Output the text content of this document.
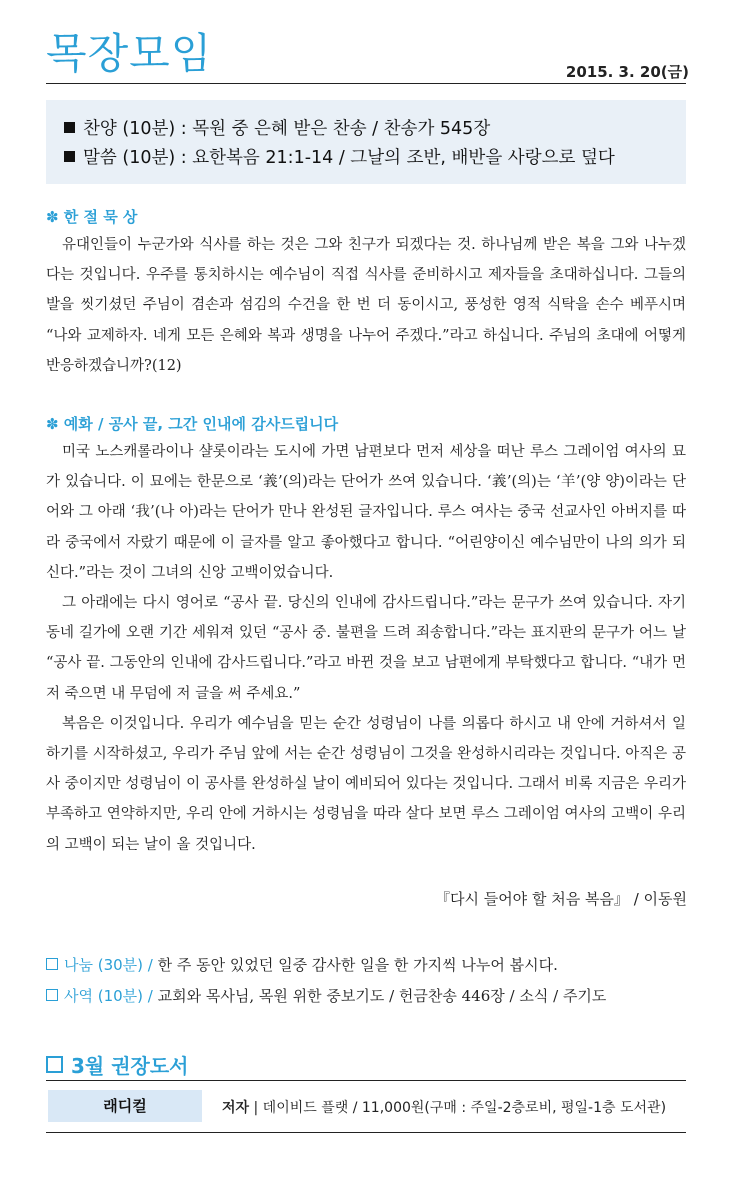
목장모임	2015. 3. 20(금)
찬양 (10분) : 목원 중 은혜 받은 찬송 / 찬송가 545장
말씀 (10분) : 요한복음 21:1-14 / 그날의 조반, 배반을 사랑으로 덮다
✽ 한 절 묵 상

유대인들이 누군가와 식사를 하는 것은 그와 친구가 되겠다는 것. 하나님께 받은 복을 그와 나누겠다는 것입니다. 우주를 통치하시는 예수님이 직접 식사를 준비하시고 제자들을 초대하십니다. 그들의 발을 씻기셨던 주님이 겸손과 섬김의 수건을 한 번 더 동이시고, 풍성한 영적 식탁을 손수 베푸시며 “나와 교제하자. 네게 모든 은혜와 복과 생명을 나누어 주겠다.”라고 하십니다. 주님의 초대에 어떻게 반응하겠습니까?(12)

✽ 예화 / 공사 끝, 그간 인내에 감사드립니다

미국 노스캐롤라이나 샬롯이라는 도시에 가면 남편보다 먼저 세상을 떠난 루스 그레이엄 여사의 묘가 있습니다. 이 묘에는 한문으로 ‘義’(의)라는 단어가 쓰여 있습니다. ‘義’(의)는 ‘羊’(양 양)이라는 단어와 그 아래 ‘我’(나 아)라는 단어가 만나 완성된 글자입니다. 루스 여사는 중국 선교사인 아버지를 따라 중국에서 자랐기 때문에 이 글자를 알고 좋아했다고 합니다. “어린양이신 예수님만이 나의 의가 되신다.”라는 것이 그녀의 신앙 고백이었습니다.

그 아래에는 다시 영어로 “공사 끝. 당신의 인내에 감사드립니다.”라는 문구가 쓰여 있습니다. 자기 동네 길가에 오랜 기간 세워져 있던 “공사 중. 불편을 드려 죄송합니다.”라는 표지판의 문구가 어느 날 “공사 끝. 그동안의 인내에 감사드립니다.”라고 바뀐 것을 보고 남편에게 부탁했다고 합니다. “내가 먼저 죽으면 내 무덤에 저 글을 써 주세요.”

복음은 이것입니다. 우리가 예수님을 믿는 순간 성령님이 나를 의롭다 하시고 내 안에 거하셔서 일하기를 시작하셨고, 우리가 주님 앞에 서는 순간 성령님이 그것을 완성하시리라는 것입니다. 아직은 공사 중이지만 성령님이 이 공사를 완성하실 날이 예비되어 있다는 것입니다. 그래서 비록 지금은 우리가 부족하고 연약하지만, 우리 안에 거하시는 성령님을 따라 살다 보면 루스 그레이엄 여사의 고백이 우리의 고백이 되는 날이 올 것입니다.

『다시 들어야 할 처음 복음』 / 이동원
나눔 (30분) / 한 주 동안 있었던 일중 감사한 일을 한 가지씩 나누어 봅시다.
사역 (10분) / 교회와 목사님, 목원 위한 중보기도 / 헌금찬송 446장 / 소식 / 주기도
3월 권장도서
래디컬	저자 | 데이비드 플랫 / 11,000원(구매 : 주일-2층로비, 평일-1층 도서관)
